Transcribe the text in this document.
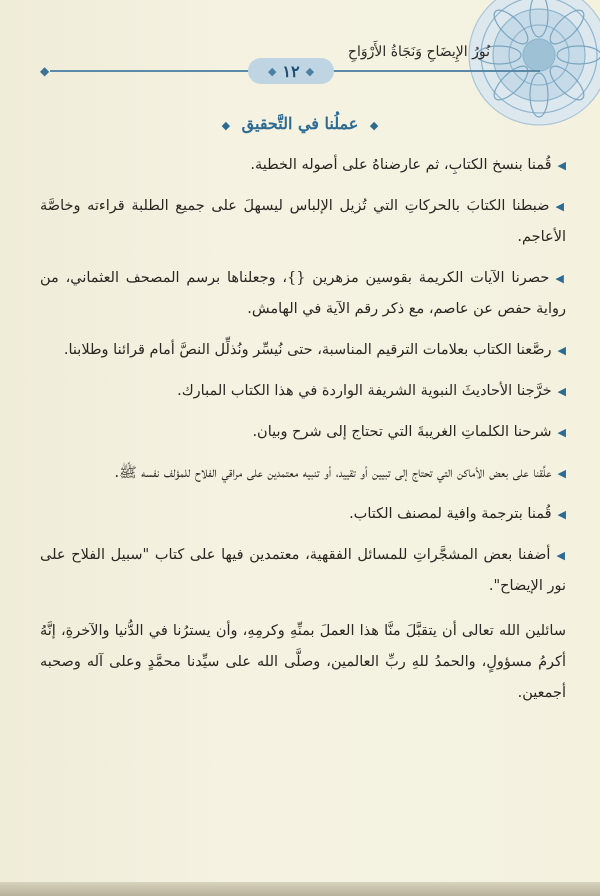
نُورُ الإِيضَاحِ وَنَجَاةُ الأَرْوَاحِ
◆	◆
١٢
◆
◆ عملُنا في التَّحقيق ◆

◀قُمنا بنسخ الكتابِ، ثم عارضناهُ على أصوله الخطية.

◀ضبطنا الكتابَ بالحركاتِ التي تُزيل الإلباس ليسهلَ على جميع الطلبة قراءته وخاصَّة الأعاجم.

◀حصرنا الآيات الكريمة بقوسين مزهرين {}، وجعلناها برسم المصحف العثماني، من رواية حفص عن عاصم، مع ذكر رقم الآية في الهامش.

◀رصَّعنا الكتاب بعلامات الترقيم المناسبة، حتى نُيسِّر ونُذلِّل النصَّ أمام قرائنا وطلابنا.

◀خرَّجنا الأحاديثَ النبوية الشريفة الواردة في هذا الكتاب المبارك.

◀شرحنا الكلماتِ الغريبةَ التي تحتاج إلى شرح وبيان.

◀علَّقنا على بعض الأماكن التي تحتاج إلى تبيين أو تقييد، أو تنبيه معتمدين على مراقي الفلاح للمؤلف نفسه ﷺ.

◀قُمنا بترجمة وافية لمصنف الكتاب.

◀أضفنا بعض المشجَّراتِ للمسائل الفقهية، معتمدين فيها على كتاب "سبيل الفلاح على نور الإيضاح".

سائلين الله تعالى أن يتقبَّلَ منَّا هذا العملَ بمنِّهِ وكرمِهِ، وأن يسترُنا في الدُّنيا والآخرةِ، إنَّهُ أكرمُ مسؤولٍ، والحمدُ للهِ ربِّ العالمين، وصلَّى الله على سيِّدنا محمَّدٍ وعلى آله وصحبه أجمعين.
